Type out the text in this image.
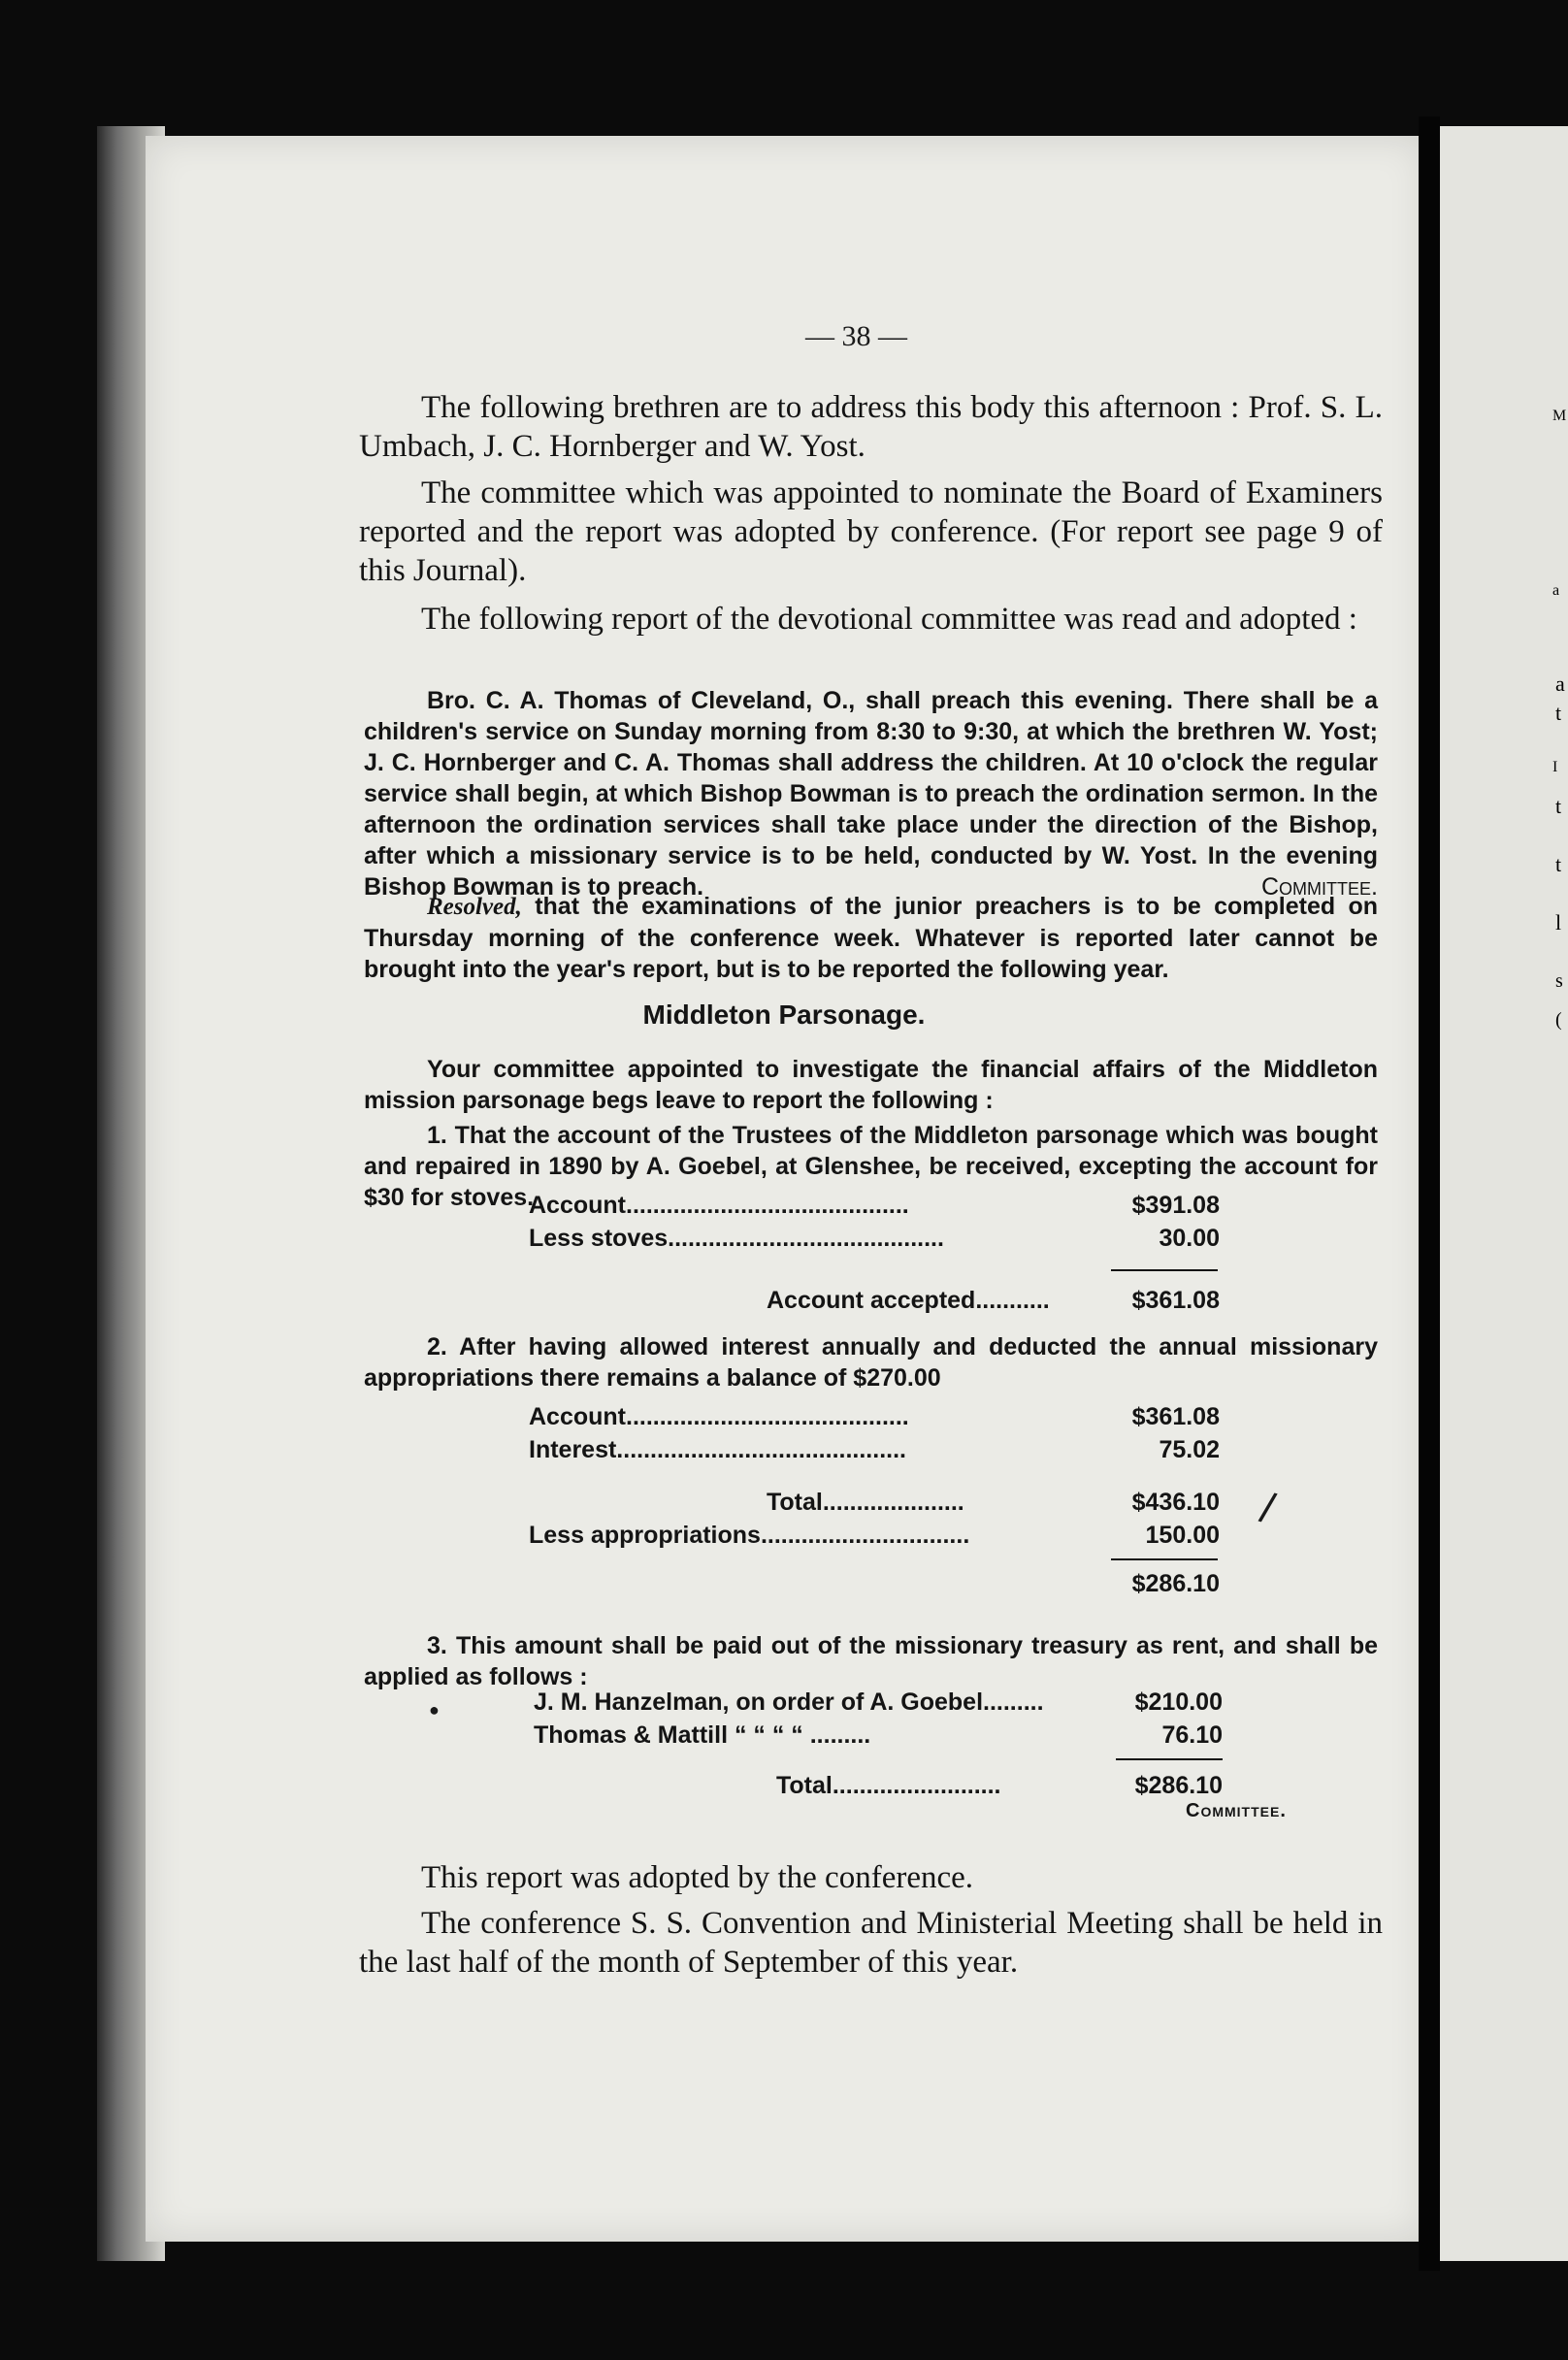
M
a
a
t
I
t
t
l
s
(
— 38 —

The following brethren are to address this body this afternoon : Prof. S. L. Umbach, J. C. Hornberger and W. Yost.

The committee which was appointed to nominate the Board of Examiners reported and the report was adopted by conference. (For report see page 9 of this Journal).

The following report of the devotional committee was read and adopted :

Bro. C. A. Thomas of Cleveland, O., shall preach this evening. There shall be a children's service on Sunday morning from 8:30 to 9:30, at which the brethren W. Yost; J. C. Hornberger and C. A. Thomas shall address the children. At 10 o'clock the regular service shall begin, at which Bishop Bowman is to preach the ordination sermon. In the afternoon the ordination services shall take place under the direction of the Bishop, after which a missionary service is to be held, conducted by W. Yost. In the evening Bishop Bowman is to preach.	Committee.
Resolved, that the examinations of the junior preachers is to be completed on Thursday morning of the conference week. Whatever is reported later cannot be brought into the year's report, but is to be reported the following year.
Middleton Parsonage.
Your committee appointed to investigate the financial affairs of the Middleton mission parsonage begs leave to report the following :
1. That the account of the Trustees of the Middleton parsonage which was bought and repaired in 1890 by A. Goebel, at Glenshee, be received, excepting the account for $30 for stoves.
Account..........................................	$391.08
Less stoves.........................................	30.00
Account accepted...........	$361.08
2. After having allowed interest annually and deducted the annual missionary appropriations there remains a balance of $270.00
Account..........................................	$361.08
Interest...........................................	75.02
Total.....................	$436.10
Less appropriations...............................	150.00
$286.10
3. This amount shall be paid out of the missionary treasury as rent, and shall be applied as follows :
J. M. Hanzelman, on order of A. Goebel.........	$210.00
Thomas & Mattill “ “ “ “ .........	76.10
Total.........................	$286.10
Committee.

This report was adopted by the conference.

The conference S. S. Convention and Ministerial Meeting shall be held in the last half of the month of September of this year.

/
●
